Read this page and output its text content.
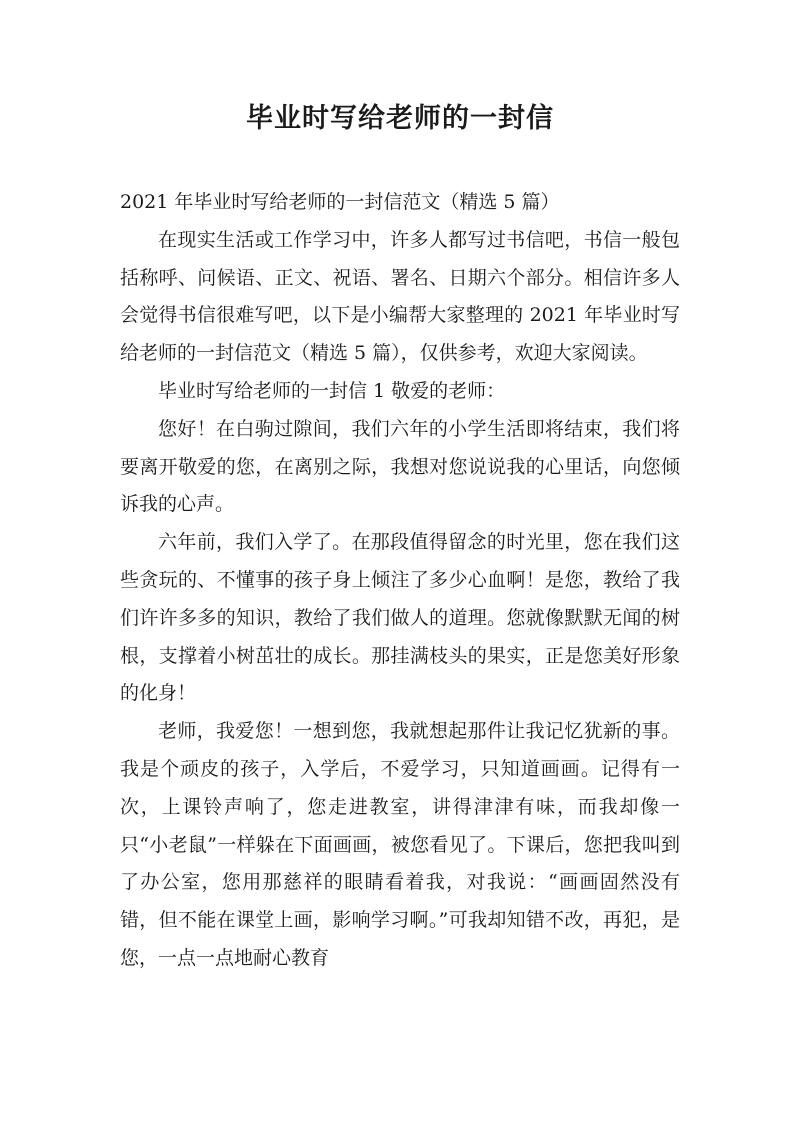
毕业时写给老师的一封信

2021 年毕业时写给老师的一封信范文（精选 5 篇）

在现实生活或工作学习中，许多人都写过书信吧，书信一般包括称呼、问候语、正文、祝语、署名、日期六个部分。相信许多人会觉得书信很难写吧，以下是小编帮大家整理的 2021 年毕业时写给老师的一封信范文（精选 5 篇），仅供参考，欢迎大家阅读。

毕业时写给老师的一封信 1 敬爱的老师：

您好！在白驹过隙间，我们六年的小学生活即将结束，我们将要离开敬爱的您，在离别之际，我想对您说说我的心里话，向您倾诉我的心声。

六年前，我们入学了。在那段值得留念的时光里，您在我们这些贪玩的、不懂事的孩子身上倾注了多少心血啊！是您，教给了我们许许多多的知识，教给了我们做人的道理。您就像默默无闻的树根，支撑着小树茁壮的成长。那挂满枝头的果实，正是您美好形象的化身！

老师，我爱您！一想到您，我就想起那件让我记忆犹新的事。我是个顽皮的孩子，入学后，不爱学习，只知道画画。记得有一次，上课铃声响了，您走进教室，讲得津津有味，而我却像一只“小老鼠”一样躲在下面画画，被您看见了。下课后，您把我叫到了办公室，您用那慈祥的眼睛看着我，对我说：“画画固然没有错，但不能在课堂上画，影响学习啊。”可我却知错不改，再犯，是您，一点一点地耐心教育
